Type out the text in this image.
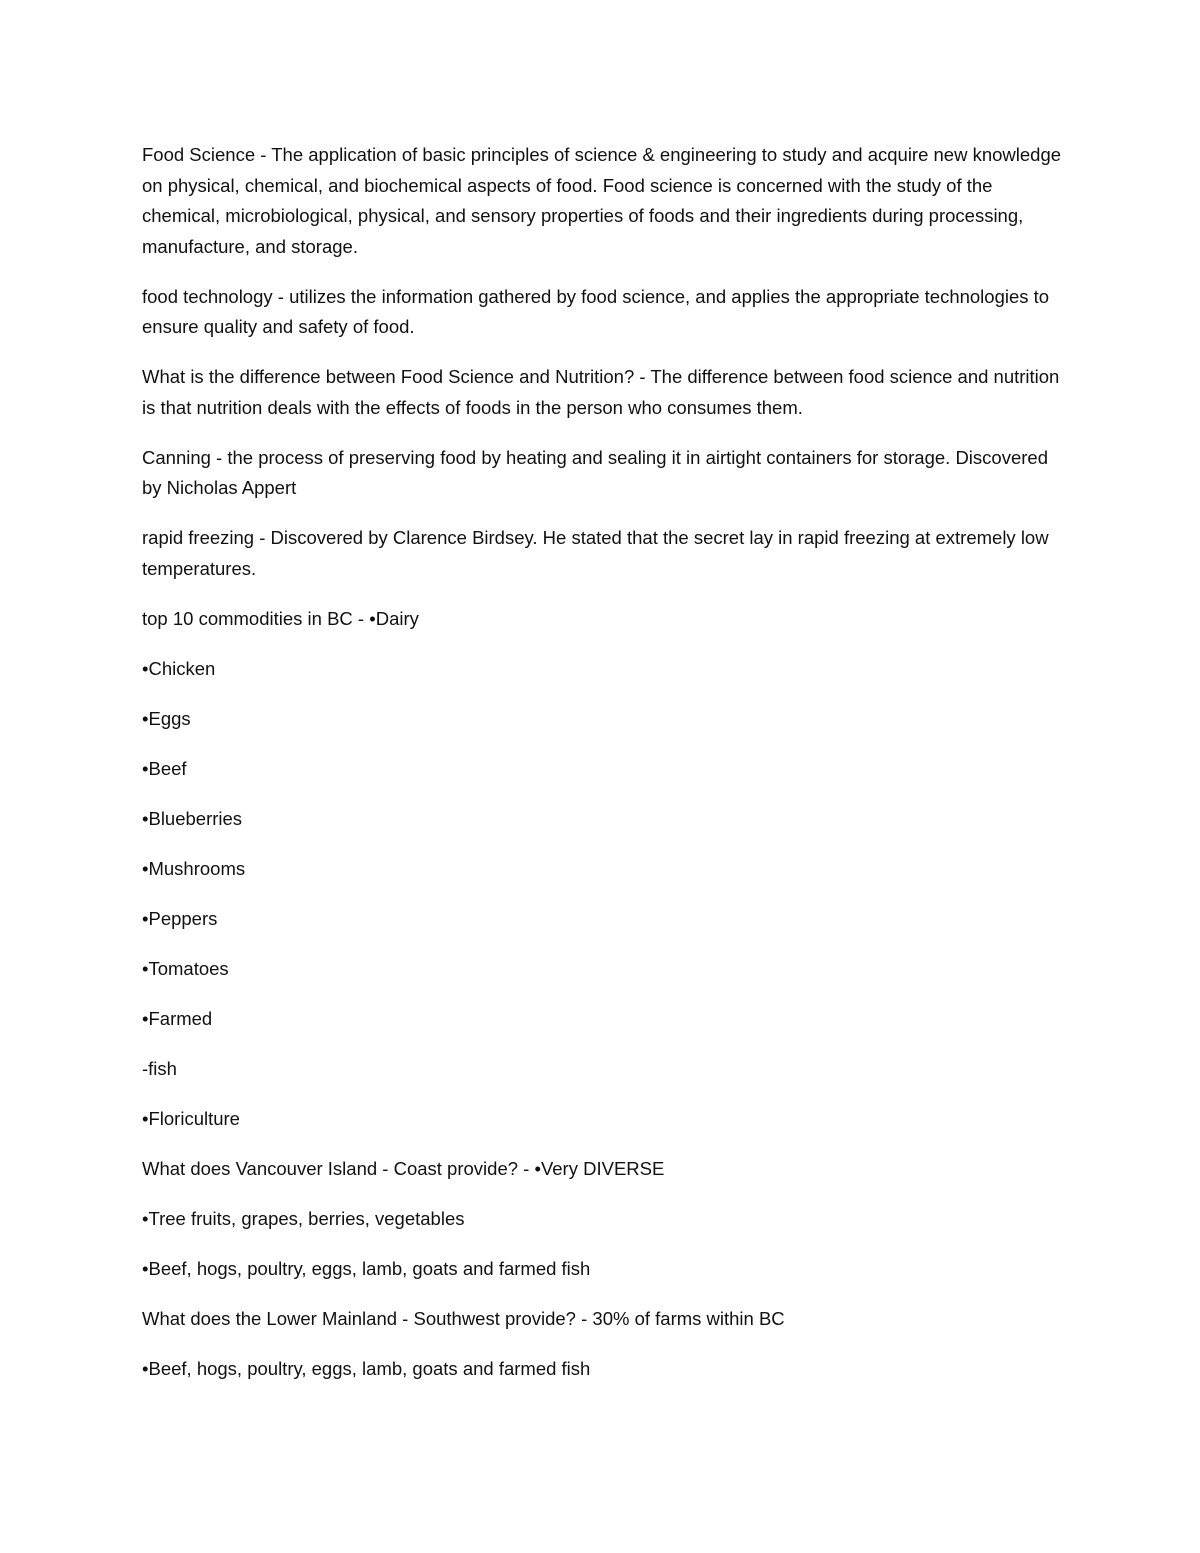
Food Science - The application of basic principles of science & engineering to study and acquire new knowledge on physical, chemical, and biochemical aspects of food. Food science is concerned with the study of the chemical, microbiological, physical, and sensory properties of foods and their ingredients during processing, manufacture, and storage.

food technology - utilizes the information gathered by food science, and applies the appropriate technologies to ensure quality and safety of food.

What is the difference between Food Science and Nutrition? - The difference between food science and nutrition is that nutrition deals with the effects of foods in the person who consumes them.

Canning - the process of preserving food by heating and sealing it in airtight containers for storage. Discovered by Nicholas Appert

rapid freezing - Discovered by Clarence Birdsey. He stated that the secret lay in rapid freezing at extremely low temperatures.

top 10 commodities in BC - •Dairy

•Chicken

•Eggs

•Beef

•Blueberries

•Mushrooms

•Peppers

•Tomatoes

•Farmed

-fish

•Floriculture

What does Vancouver Island - Coast provide? - •Very DIVERSE

•Tree fruits, grapes, berries, vegetables

•Beef, hogs, poultry, eggs, lamb, goats and farmed fish

What does the Lower Mainland - Southwest provide? - 30% of farms within BC

•Beef, hogs, poultry, eggs, lamb, goats and farmed fish
